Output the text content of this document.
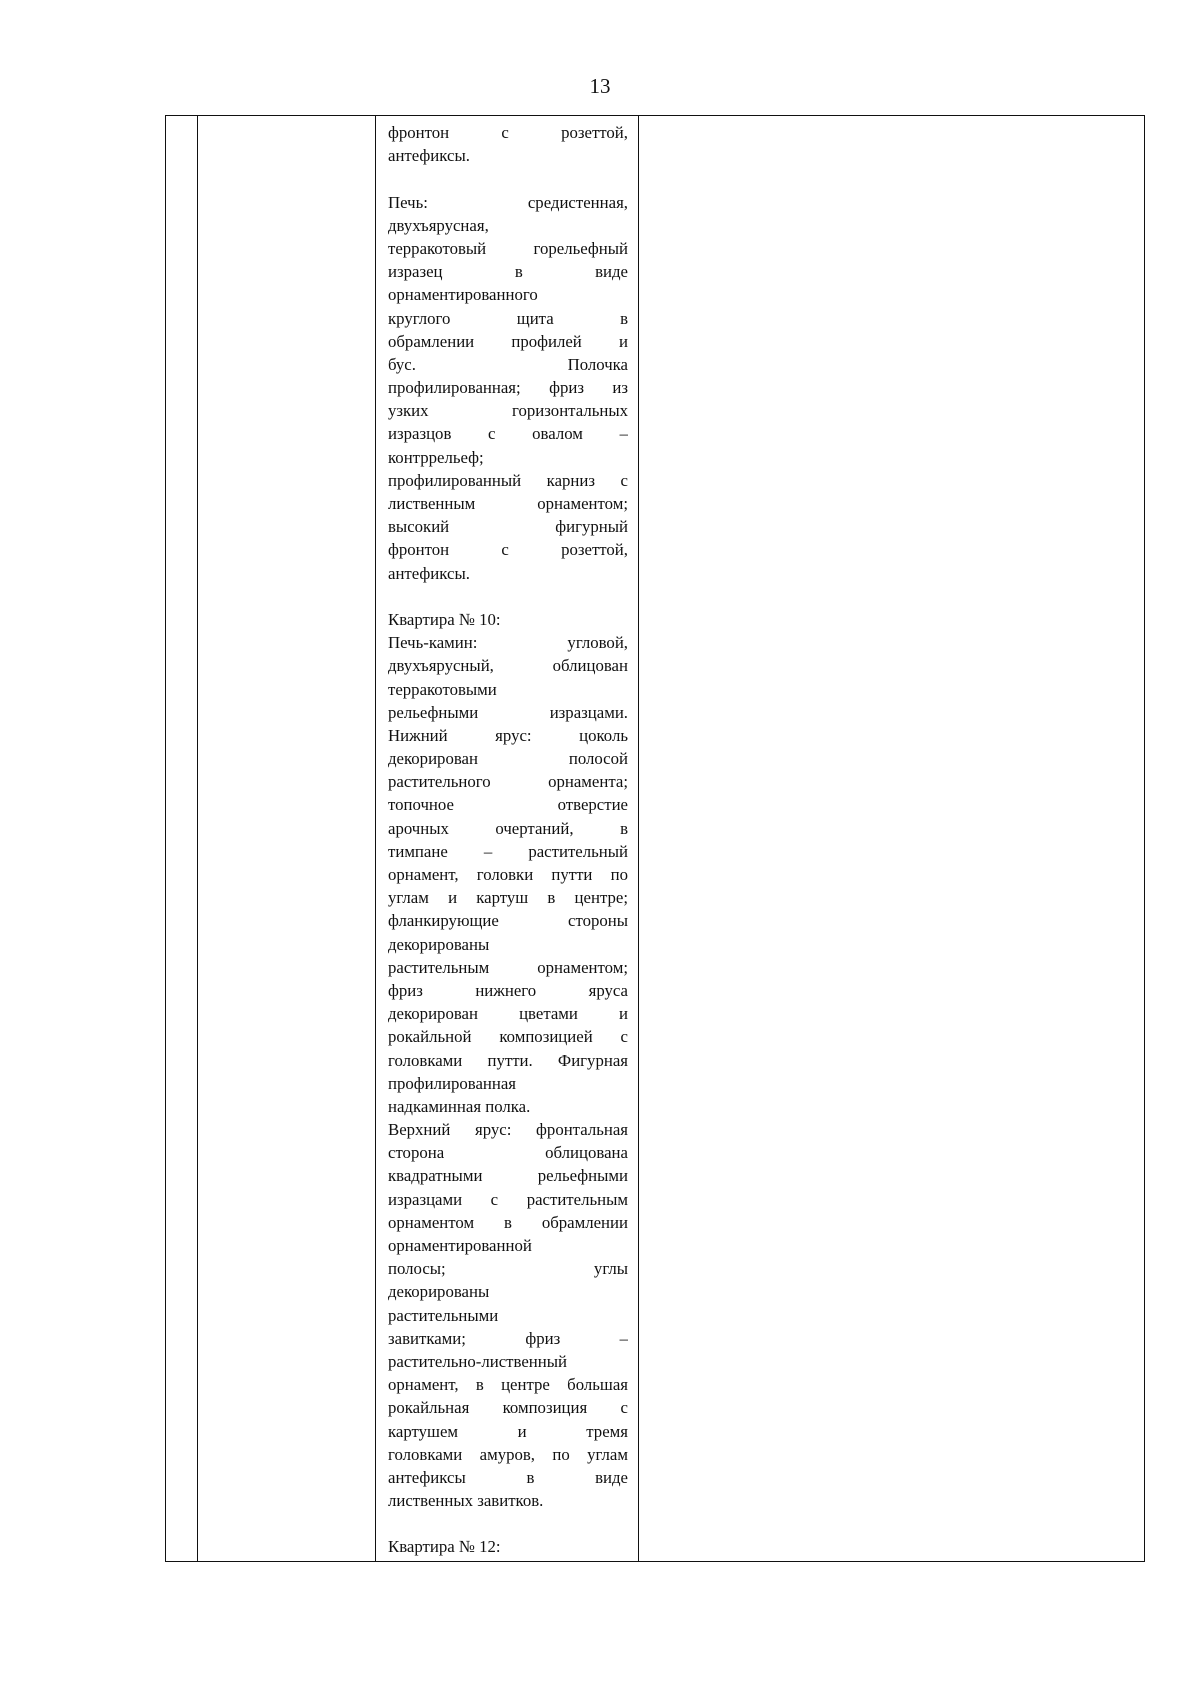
13

фронтон с розеттой,
антефиксы.
Печь: средистенная,
двухъярусная,
терракотовый горельефный
изразец в виде
орнаментированного
круглого щита в
обрамлении профилей и
бус. Полочка
профилированная; фриз из
узких горизонтальных
изразцов с овалом –
контррельеф;
профилированный карниз с
лиственным орнаментом;
высокий фигурный
фронтон с розеттой,
антефиксы.
Квартира № 10:
Печь-камин: угловой,
двухъярусный, облицован
терракотовыми
рельефными изразцами.
Нижний ярус: цоколь
декорирован полосой
растительного орнамента;
топочное отверстие
арочных очертаний, в
тимпане – растительный
орнамент, головки путти по
углам и картуш в центре;
фланкирующие стороны
декорированы
растительным орнаментом;
фриз нижнего яруса
декорирован цветами и
рокайльной композицией с
головками путти. Фигурная
профилированная
надкаминная полка.
Верхний ярус: фронтальная
сторона облицована
квадратными рельефными
изразцами с растительным
орнаментом в обрамлении
орнаментированной
полосы; углы
декорированы
растительными
завитками; фриз –
растительно-лиственный
орнамент, в центре большая
рокайльная композиция с
картушем и тремя
головками амуров, по углам
антефиксы в виде
лиственных завитков.
Квартира № 12:
